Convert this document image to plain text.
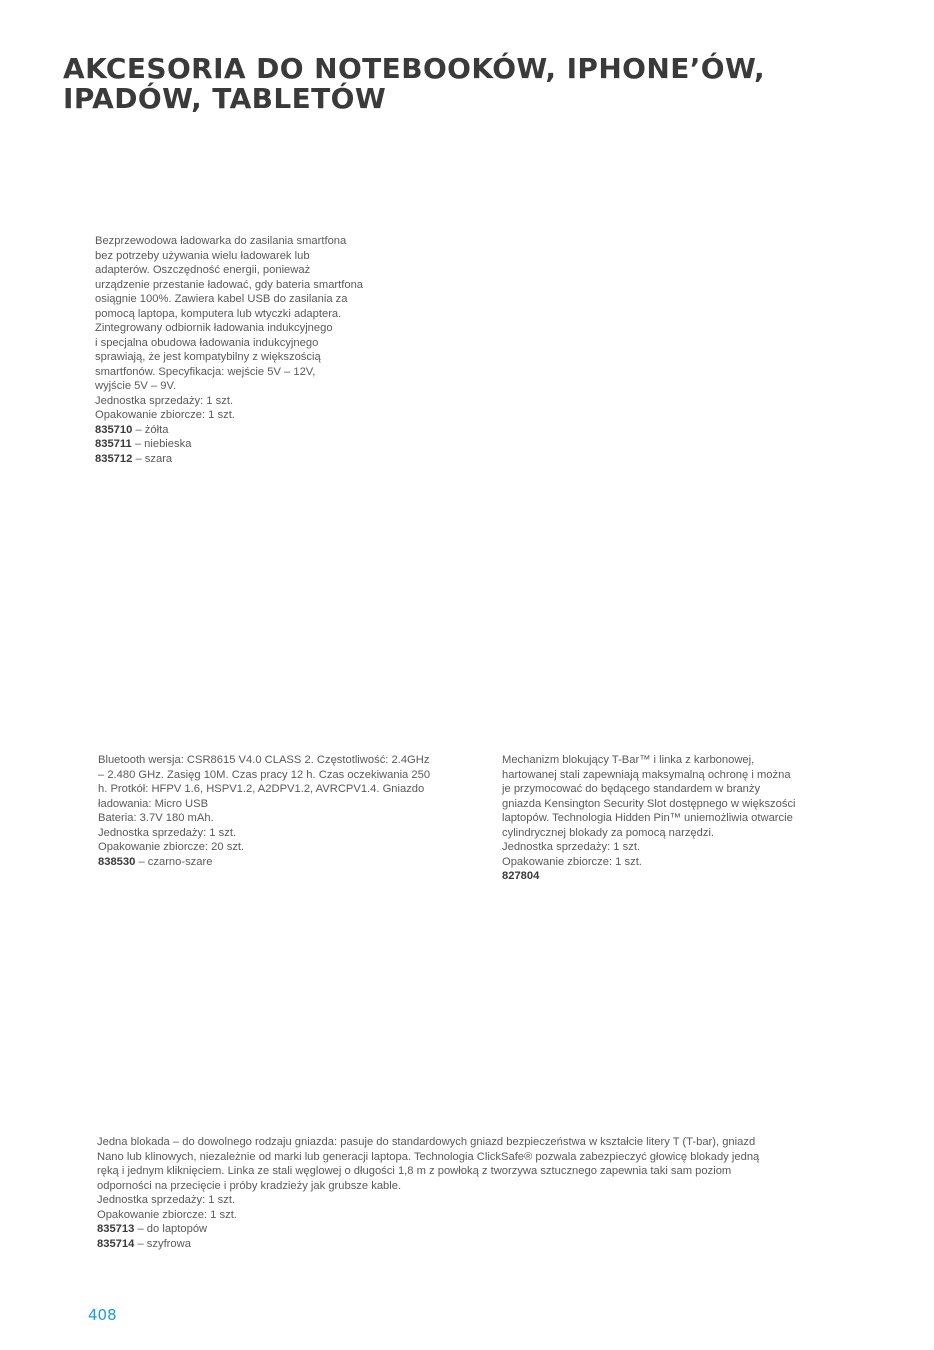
AKCESORIA DO NOTEBOOKÓW, IPHONE’ÓW,
IPADÓW, TABLETÓW
Bezprzewodowa ładowarka do zasilania smartfona
bez potrzeby używania wielu ładowarek lub
adapterów. Oszczędność energii, ponieważ
urządzenie przestanie ładować, gdy bateria smartfona
osiągnie 100%. Zawiera kabel USB do zasilania za
pomocą laptopa, komputera lub wtyczki adaptera.
Zintegrowany odbiornik ładowania indukcyjnego
i specjalna obudowa ładowania indukcyjnego
sprawiają, że jest kompatybilny z większością
smartfonów. Specyfikacja: wejście 5V – 12V,
wyjście 5V – 9V.
Jednostka sprzedaży: 1 szt.
Opakowanie zbiorcze: 1 szt.
835710 – żółta
835711 – niebieska
835712 – szara
Bluetooth wersja: CSR8615 V4.0 CLASS 2. Częstotliwość: 2.4GHz
– 2.480 GHz. Zasięg 10M. Czas pracy 12 h. Czas oczekiwania 250
h. Protkół: HFPV 1.6, HSPV1.2, A2DPV1.2, AVRCPV1.4. Gniazdo
ładowania: Micro USB
Bateria: 3.7V 180 mAh.
Jednostka sprzedaży: 1 szt.
Opakowanie zbiorcze: 20 szt.
838530 – czarno-szare
Mechanizm blokujący T-Bar™ i linka z karbonowej,
hartowanej stali zapewniają maksymalną ochronę i można
je przymocować do będącego standardem w branży
gniazda Kensington Security Slot dostępnego w większości
laptopów. Technologia Hidden Pin™ uniemożliwia otwarcie
cylindrycznej blokady za pomocą narzędzi.
Jednostka sprzedaży: 1 szt.
Opakowanie zbiorcze: 1 szt.
827804
Jedna blokada – do dowolnego rodzaju gniazda: pasuje do standardowych gniazd bezpieczeństwa w kształcie litery T (T-bar), gniazd
Nano lub klinowych, niezależnie od marki lub generacji laptopa. Technologia ClickSafe® pozwala zabezpieczyć głowicę blokady jedną
ręką i jednym kliknięciem. Linka ze stali węglowej o długości 1,8 m z powłoką z tworzywa sztucznego zapewnia taki sam poziom
odporności na przecięcie i próby kradzieży jak grubsze kable.
Jednostka sprzedaży: 1 szt.
Opakowanie zbiorcze: 1 szt.
835713 – do laptopów
835714 – szyfrowa
408
